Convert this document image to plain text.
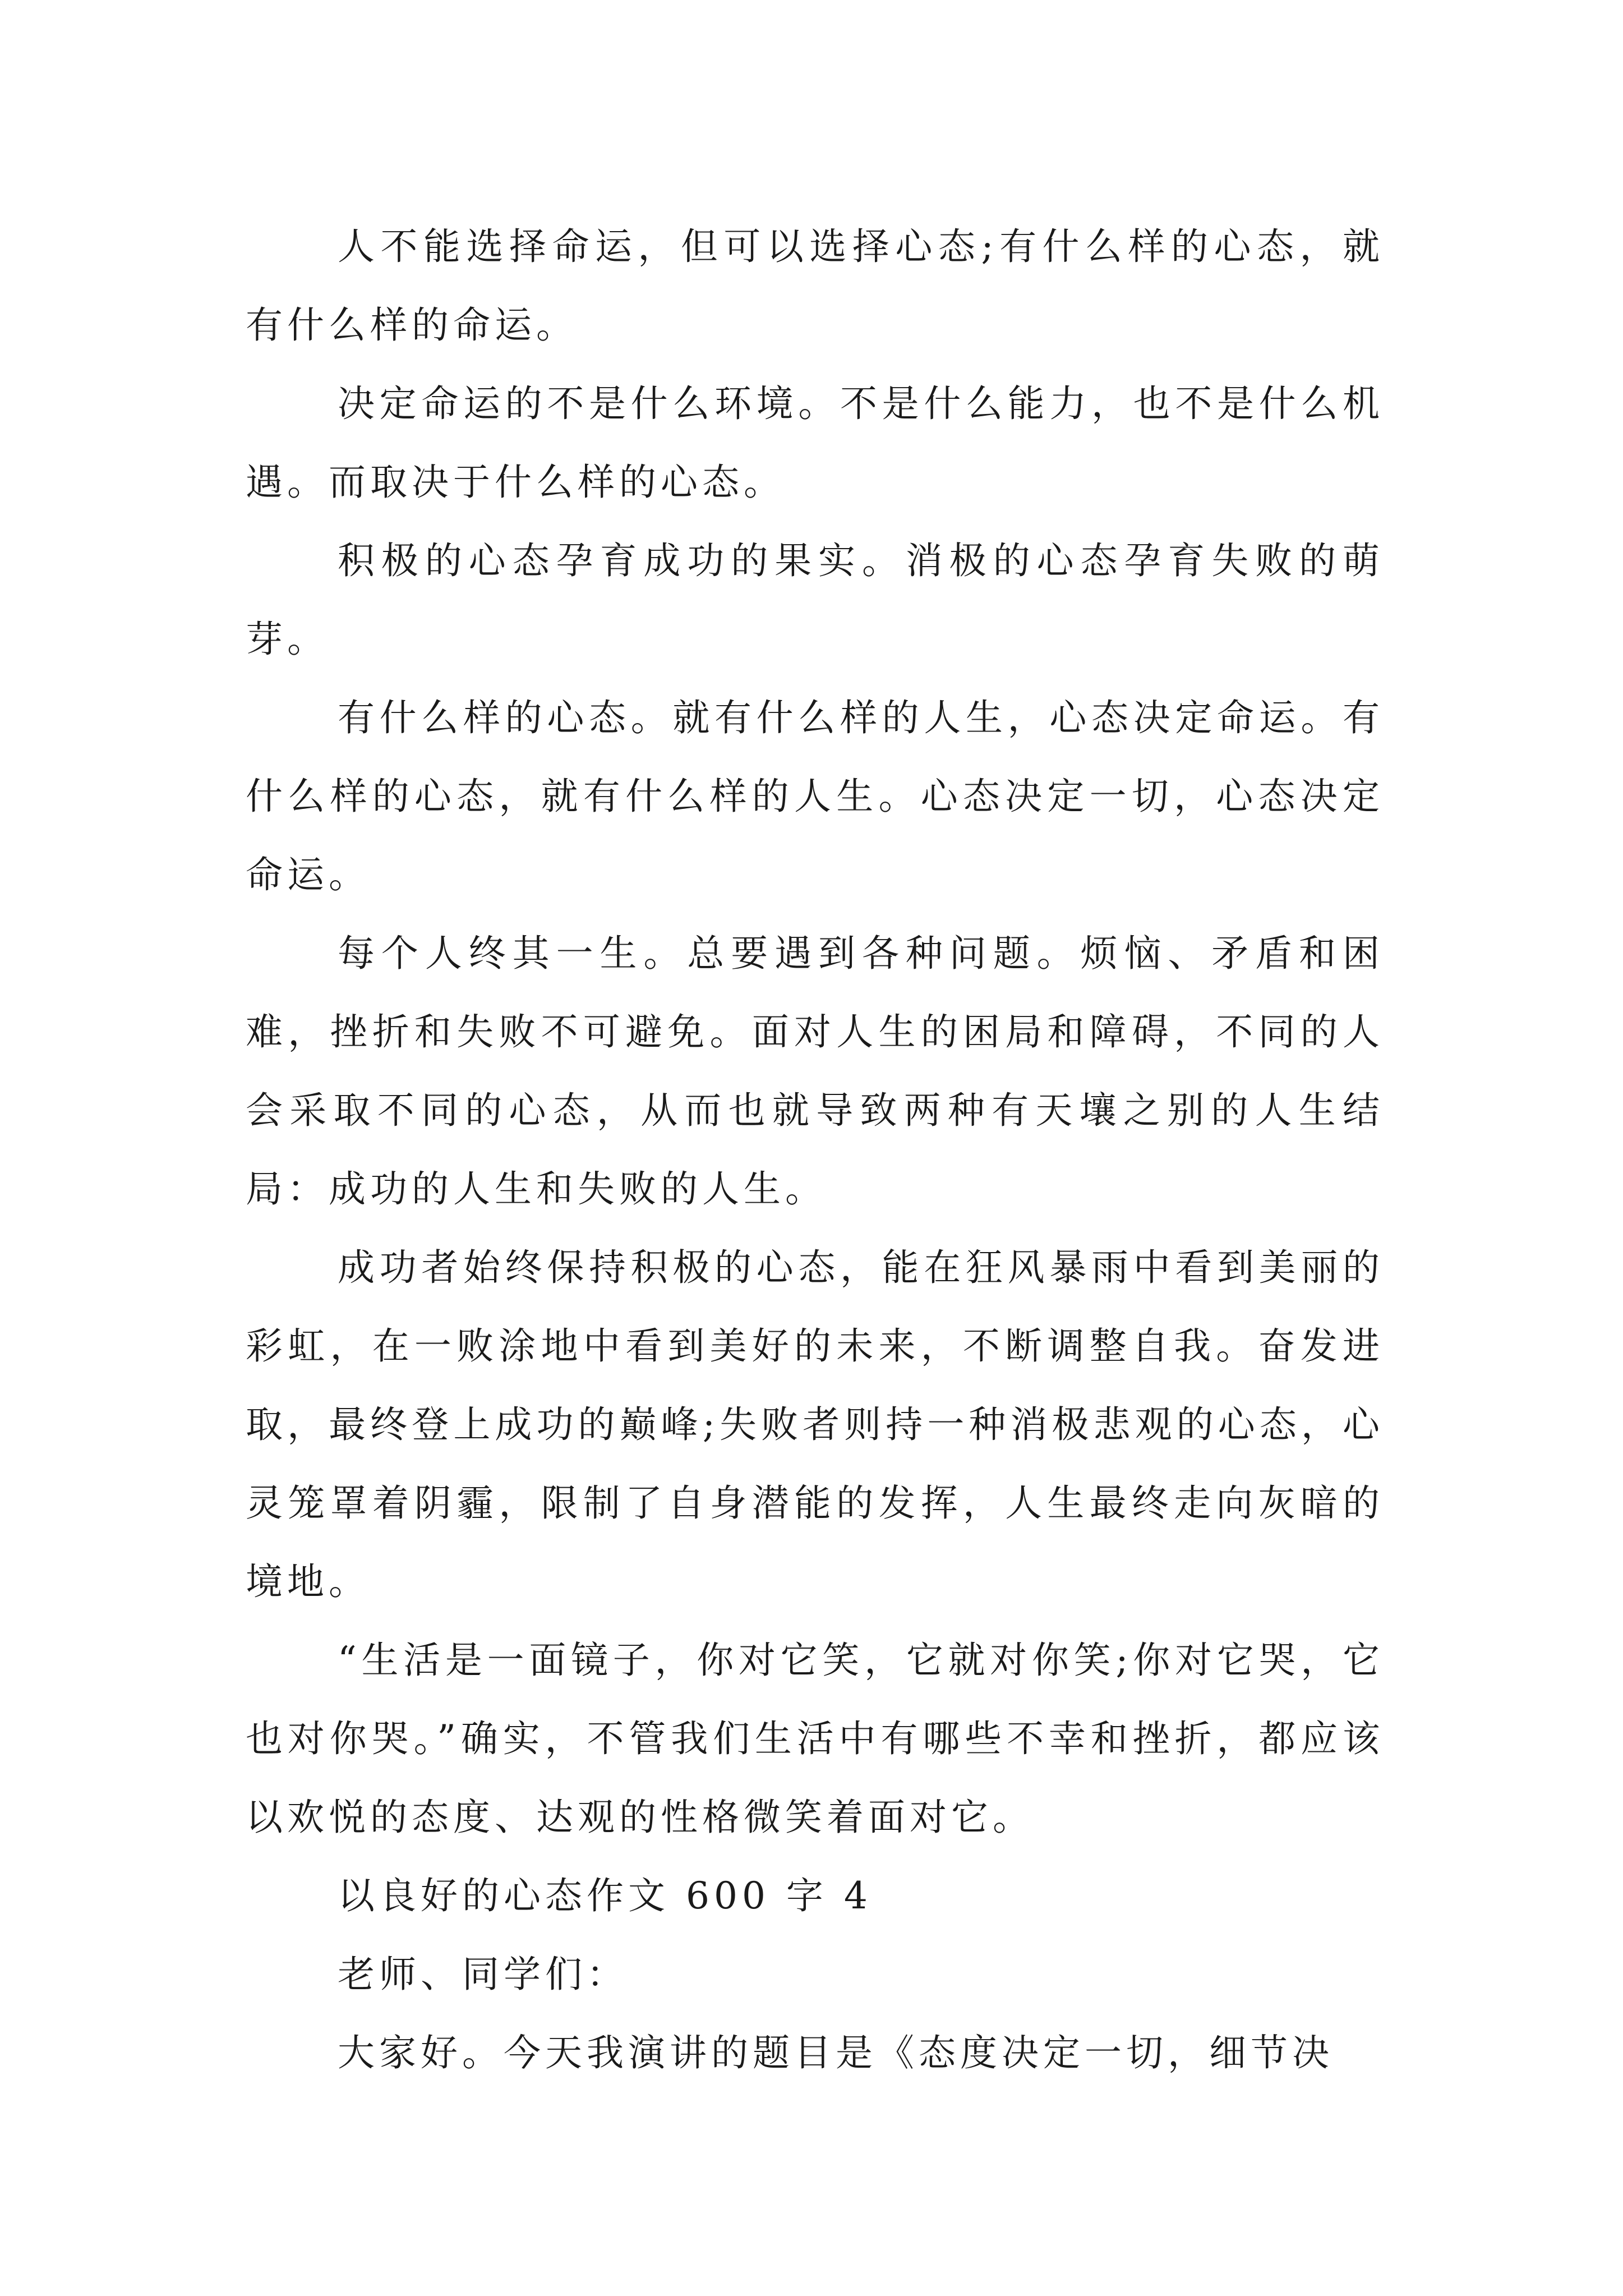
人不能选择命运，但可以选择心态;有什么样的心态，就有什么样的命运。

决定命运的不是什么环境。不是什么能力，也不是什么机遇。而取决于什么样的心态。

积极的心态孕育成功的果实。消极的心态孕育失败的萌芽。

有什么样的心态。就有什么样的人生，心态决定命运。有什么样的心态，就有什么样的人生。心态决定一切，心态决定命运。

每个人终其一生。总要遇到各种问题。烦恼、矛盾和困难，挫折和失败不可避免。面对人生的困局和障碍，不同的人会采取不同的心态，从而也就导致两种有天壤之别的人生结局：成功的人生和失败的人生。

成功者始终保持积极的心态，能在狂风暴雨中看到美丽的彩虹，在一败涂地中看到美好的未来，不断调整自我。奋发进取，最终登上成功的巅峰;失败者则持一种消极悲观的心态，心灵笼罩着阴霾，限制了自身潜能的发挥，人生最终走向灰暗的境地。

“生活是一面镜子，你对它笑，它就对你笑;你对它哭，它也对你哭。”确实，不管我们生活中有哪些不幸和挫折，都应该以欢悦的态度、达观的性格微笑着面对它。

以良好的心态作文 600 字 4

老师、同学们：

大家好。今天我演讲的题目是《态度决定一切，细节决
